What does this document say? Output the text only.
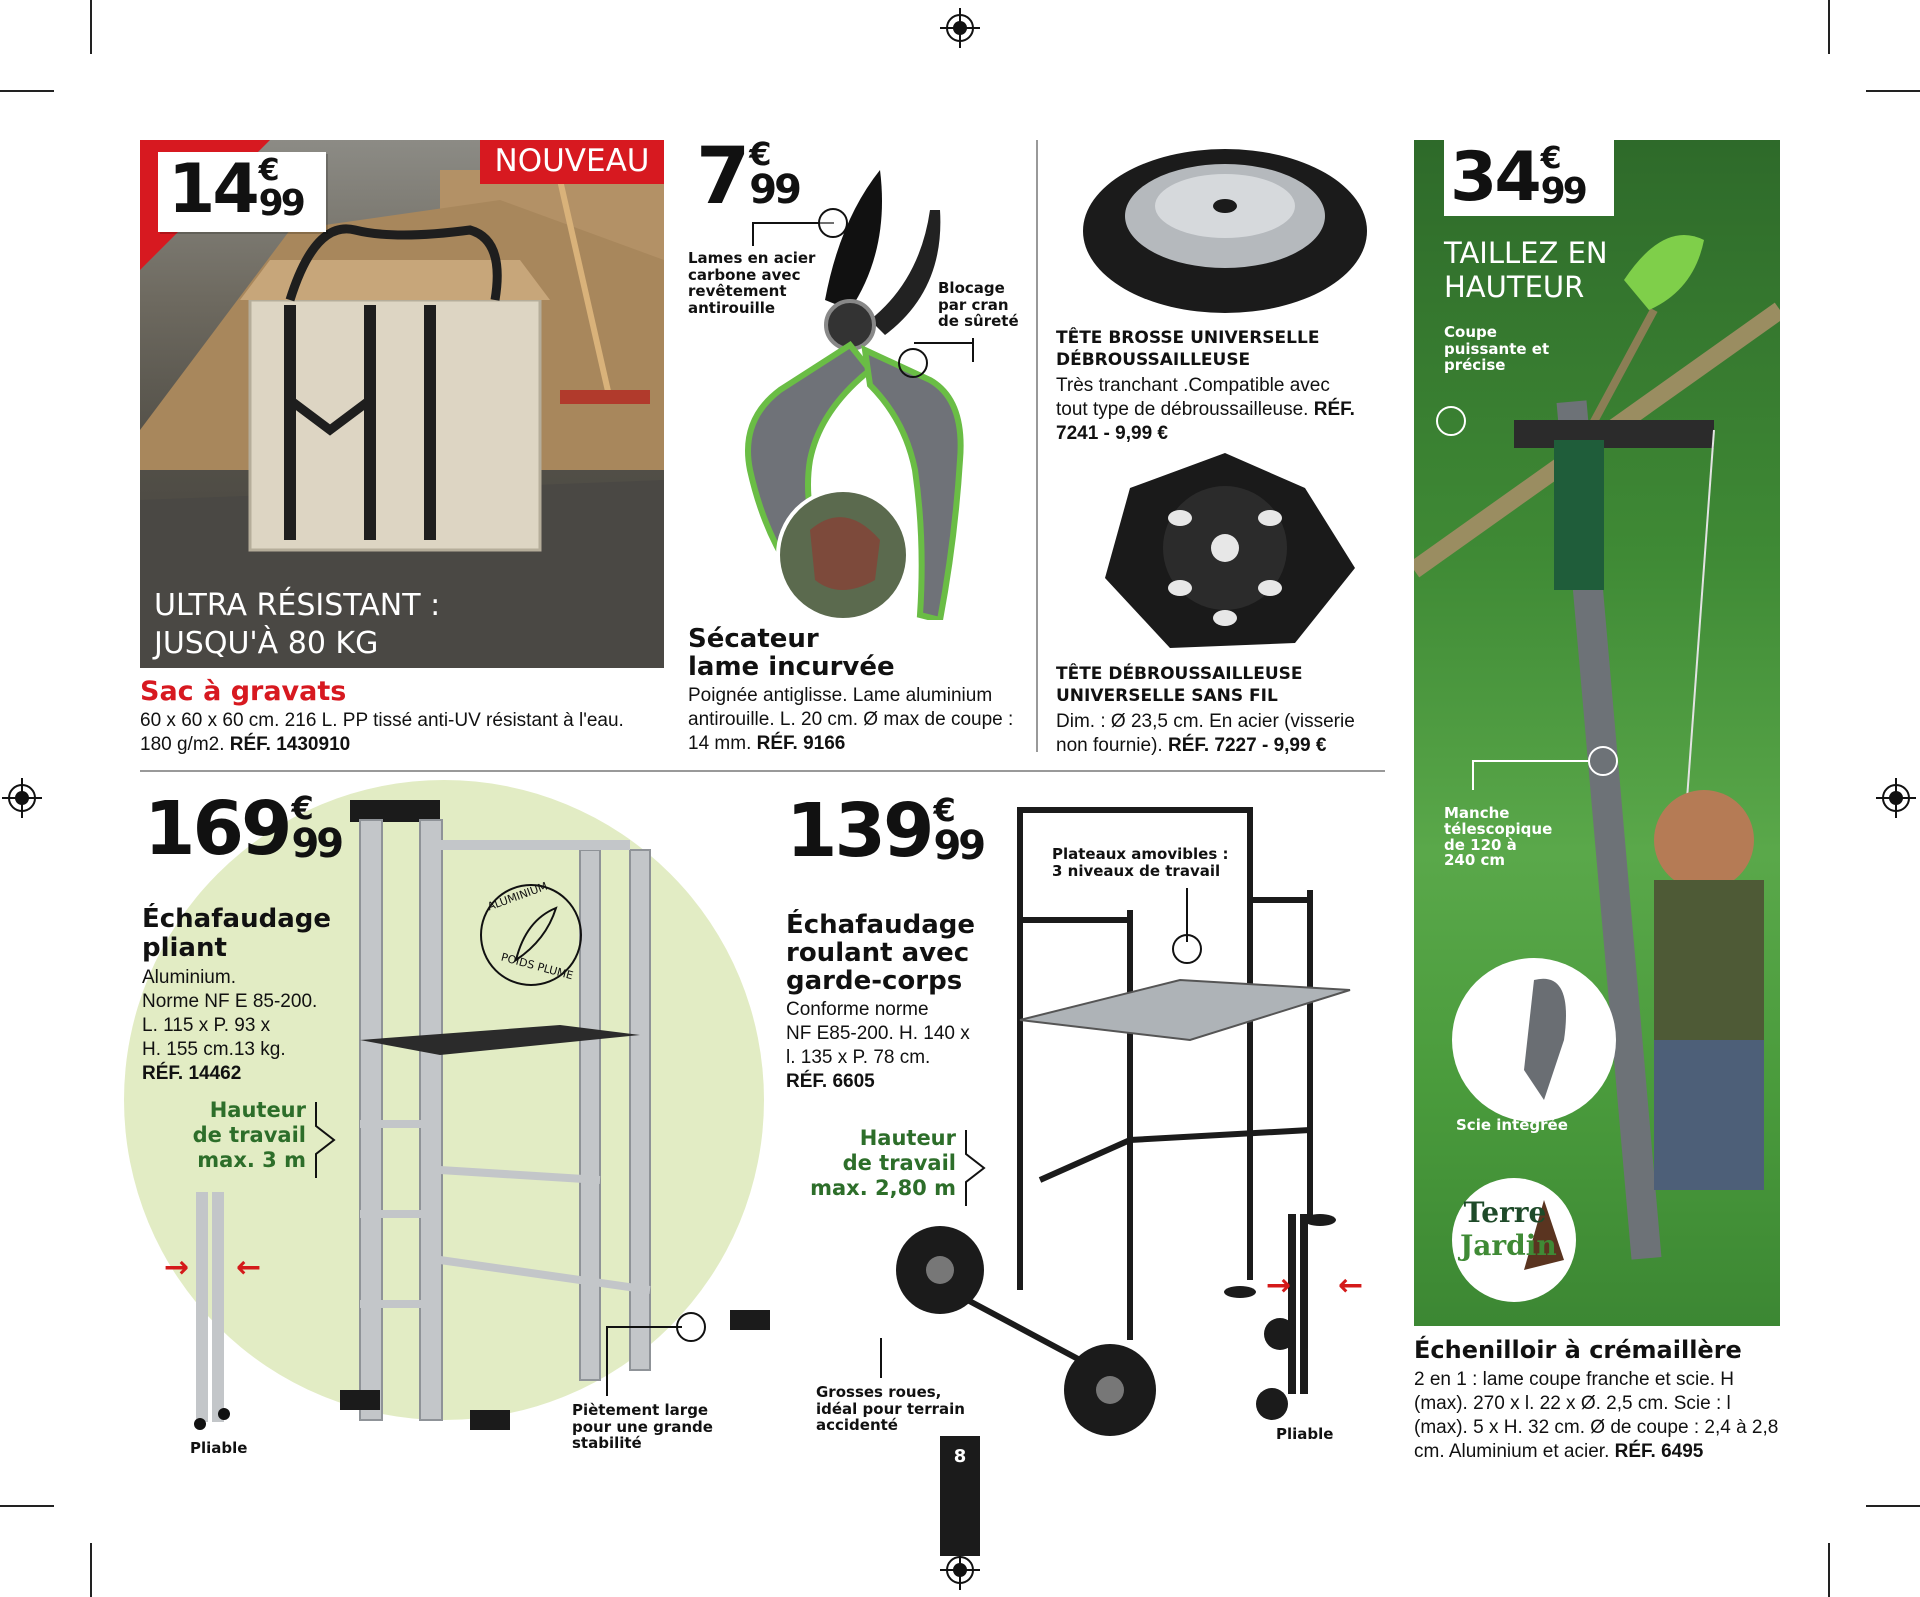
ULTRA RÉSISTANT :
JUSQU'À 80 KG
NOUVEAU
14 €
99
Sac à gravats
60 x 60 x 60 cm. 216 L. PP tissé anti-UV résistant à l'eau. 180 g/m2. RÉF. 1430910
7 €
99
Lames en acier carbone avec revêtement antirouille
Blocage par cran de sûreté
Sécateur
lame incurvée
Poignée antiglisse. Lame aluminium antirouille. L. 20 cm. Ø max de coupe : 14 mm. RÉF. 9166
TÊTE BROSSE UNIVERSELLE
DÉBROUSSAILLEUSE
Très tranchant .Compatible avec tout type de débroussailleuse. RÉF. 7241 - 9,99 €
TÊTE DÉBROUSSAILLEUSE
UNIVERSELLE SANS FIL
Dim. : Ø 23,5 cm. En acier (visserie non fournie). RÉF. 7227 - 9,99 €
TAILLEZ EN
HAUTEUR
Coupe puissante et précise
Manche télescopique de 120 à 240 cm
Scie intégrée
Terre
Jardin
34 €
99
Échenilloir à crémaillère
2 en 1 : lame coupe franche et scie. H (max). 270 x l. 22 x Ø. 2,5 cm. Scie : l (max). 5 x H. 32 cm. Ø de coupe : 2,4 à 2,8 cm. Aluminium et acier. RÉF. 6495
169 €
99
Échafaudage
pliant
Aluminium.
Norme NF E 85-200.
L. 115 x P. 93 x
H. 155 cm.13 kg.
RÉF. 14462
Hauteur
de travail
max. 3 m
ALUMINIUM
POIDS PLUME
→ ←
Pliable
Piètement large pour une grande stabilité
139 €
99
Échafaudage
roulant avec
garde-corps
Conforme norme
NF E85-200. H. 140 x
l. 135 x P. 78 cm.
RÉF. 6605
Hauteur
de travail
max. 2,80 m
Plateaux amovibles : 3 niveaux de travail
Grosses roues, idéal pour terrain accidenté
→ ←
Pliable
8
